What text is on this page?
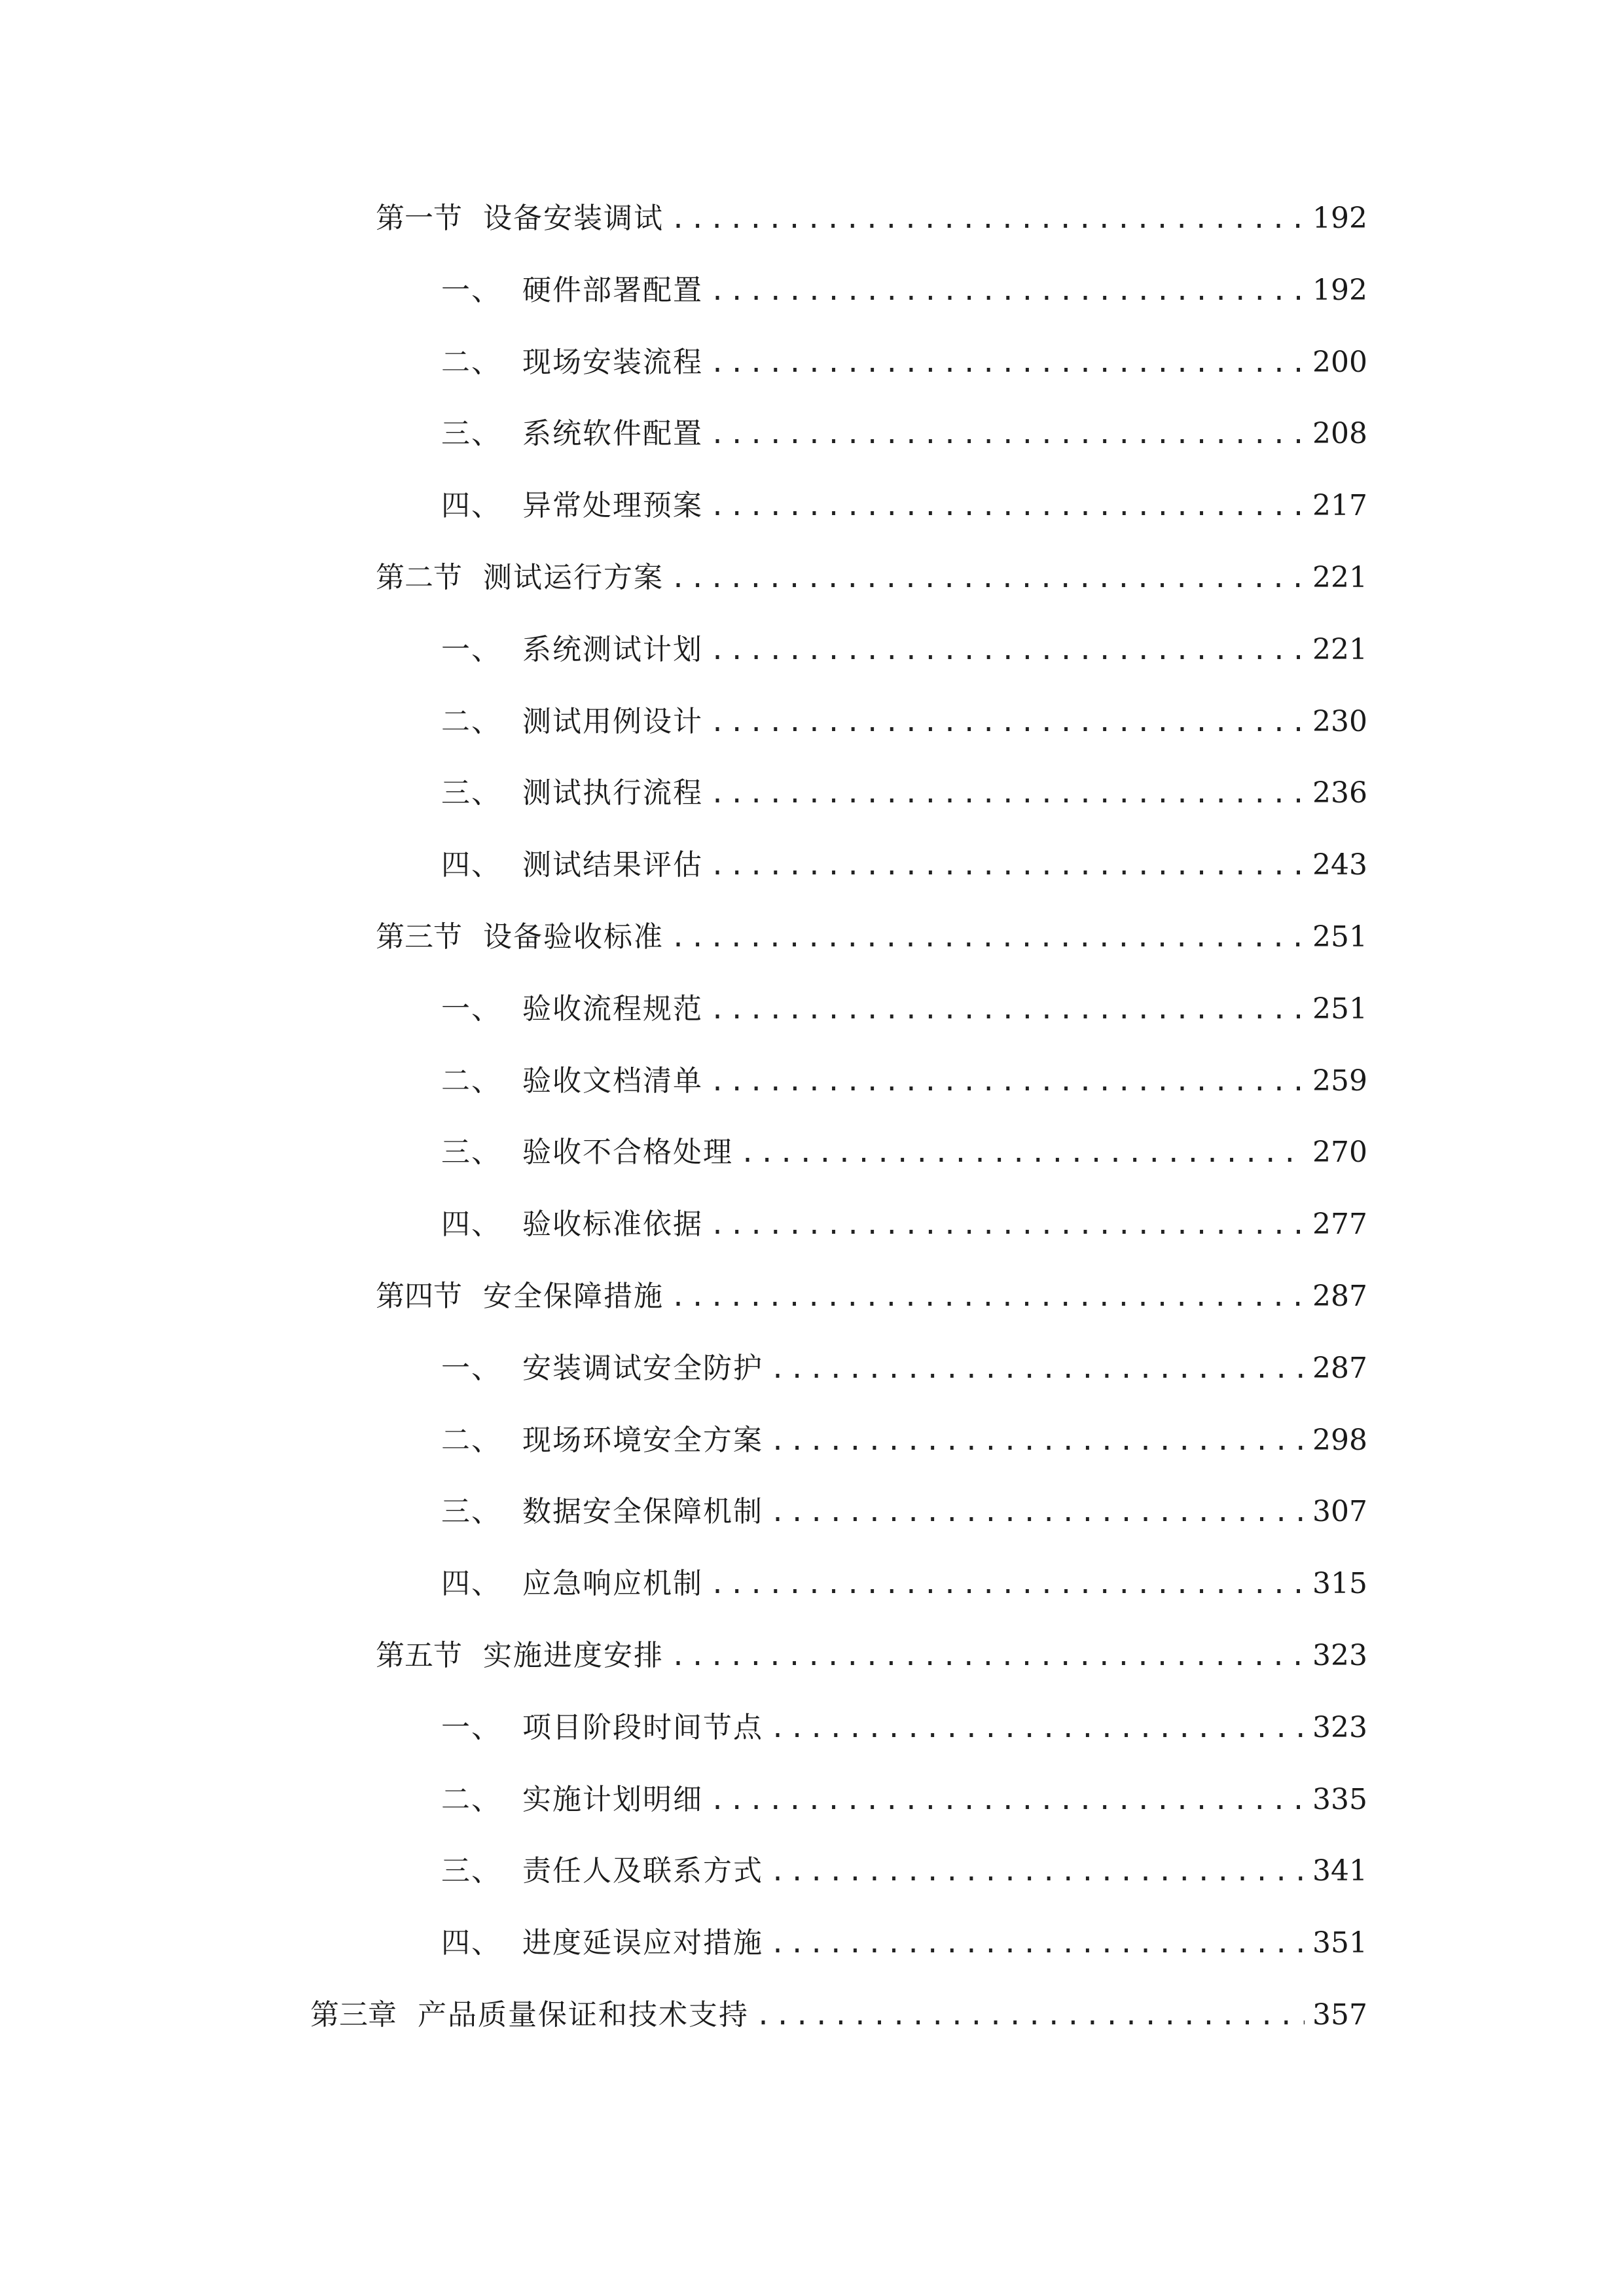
第一节 设备安装调试 .....	192
一、 硬件部署配置 .....	192
二、 现场安装流程 .....	200
三、 系统软件配置 .....	208
四、 异常处理预案 .....	217
第二节 测试运行方案 .....	221
一、 系统测试计划 .....	221
二、 测试用例设计 .....	230
三、 测试执行流程 .....	236
四、 测试结果评估 .....	243
第三节 设备验收标准 .....	251
一、 验收流程规范 .....	251
二、 验收文档清单 .....	259
三、 验收不合格处理 .....	270
四、 验收标准依据 .....	277
第四节 安全保障措施 .....	287
一、 安装调试安全防护 .....	287
二、 现场环境安全方案 .....	298
三、 数据安全保障机制 .....	307
四、 应急响应机制 .....	315
第五节 实施进度安排 .....	323
一、 项目阶段时间节点 .....	323
二、 实施计划明细 .....	335
三、 责任人及联系方式 .....	341
四、 进度延误应对措施 .....	351
第三章 产品质量保证和技术支持 .....	357
